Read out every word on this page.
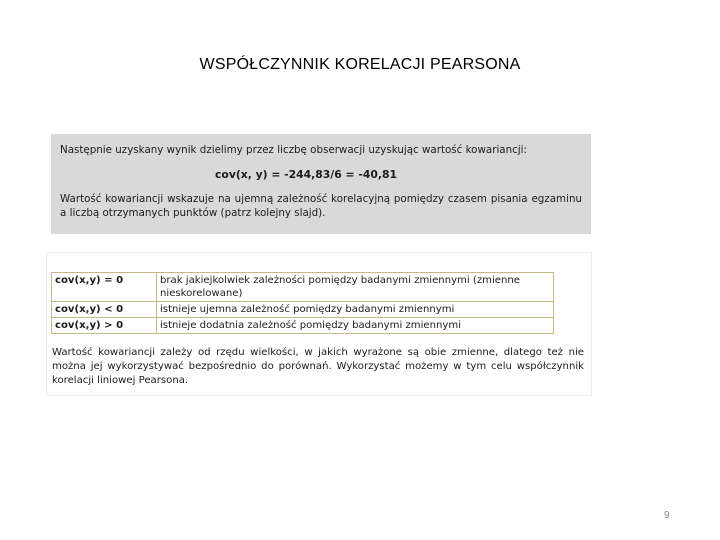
WSPÓŁCZYNNIK KORELACJI PEARSONA

Następnie uzyskany wynik dzielimy przez liczbę obserwacji uzyskując wartość kowariancji:

cov(x, y) = -244,83/6 = -40,81

Wartość kowariancji wskazuje na ujemną zależność korelacyjną pomiędzy czasem pisania egzaminu a liczbą otrzymanych punktów (patrz kolejny slajd).

cov(x,y) = 0	brak jakiejkolwiek zależności pomiędzy badanymi zmiennymi (zmienne nieskorelowane)
cov(x,y) < 0	istnieje ujemna zależność pomiędzy badanymi zmiennymi
cov(x,y) > 0	istnieje dodatnia zależność pomiędzy badanymi zmiennymi

Wartość kowariancji zależy od rzędu wielkości, w jakich wyrażone są obie zmienne, dlatego też nie można jej wykorzystywać bezpośrednio do porównań. Wykorzystać możemy w tym celu współczynnik korelacji liniowej Pearsona.

9
